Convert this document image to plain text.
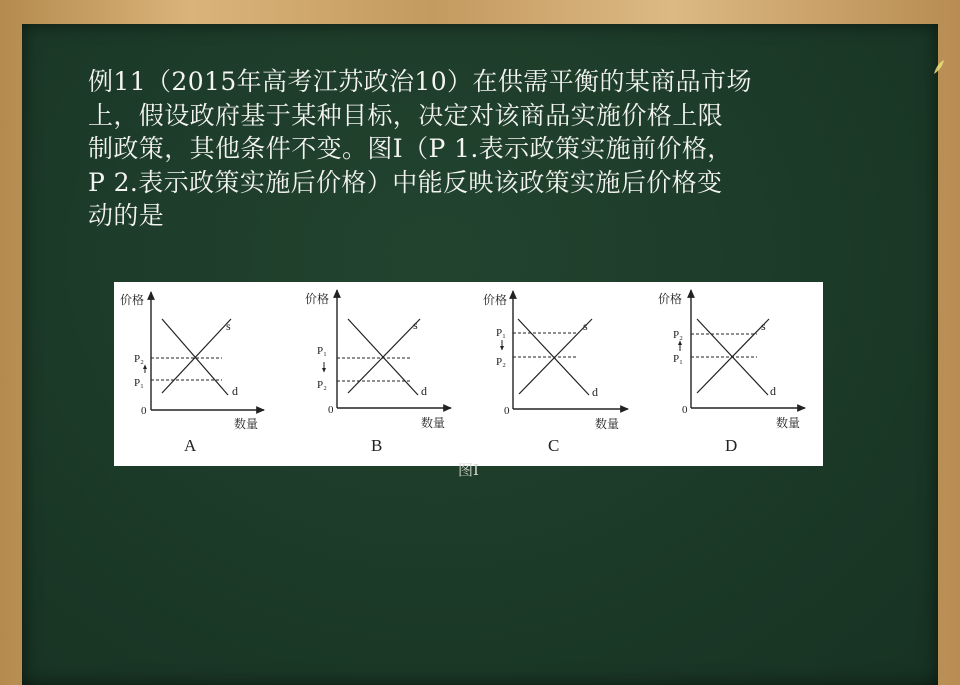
例11（2015年高考江苏政治10）在供需平衡的某商品市场
上，假设政府基于某种目标，决定对该商品实施价格上限
制政策，其他条件不变。图Ⅰ（P 1.表示政策实施前价格，
P 2.表示政策实施后价格）中能反映该政策实施后价格变
动的是

价格
数量
0
P₂
P₁
s
d
A
价格
数量
0
P₁
P₂
s
d
B
价格
数量
0
P₁
P₂
s
d
C
价格
数量
0
P₂
P₁
s
d
D
图Ⅰ
